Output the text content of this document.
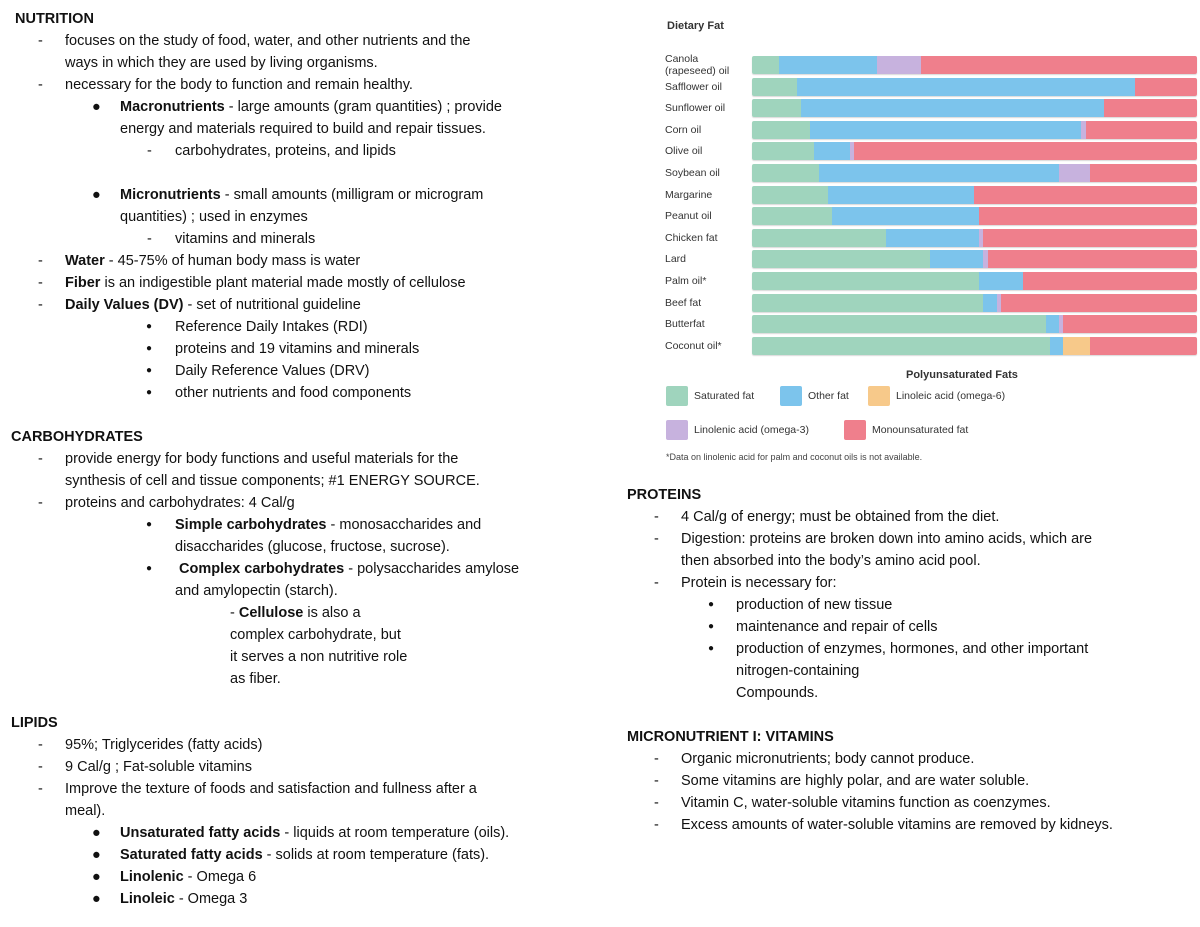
NUTRITION
- focuses on the study of food, water, and other nutrients and the
ways in which they are used by living organisms.
- necessary for the body to function and remain healthy.
● Macronutrients - large amounts (gram quantities) ; provide
energy and materials required to build and repair tissues.
- carbohydrates, proteins, and lipids
● Micronutrients - small amounts (milligram or microgram
quantities) ; used in enzymes
- vitamins and minerals
- Water - 45-75% of human body mass is water
- Fiber is an indigestible plant material made mostly of cellulose
- Daily Values (DV) - set of nutritional guideline
● Reference Daily Intakes (RDI)
● proteins and 19 vitamins and minerals
● Daily Reference Values (DRV)
● other nutrients and food components
CARBOHYDRATES
- provide energy for body functions and useful materials for the
synthesis of cell and tissue components; #1 ENERGY SOURCE.
- proteins and carbohydrates: 4 Cal/g
● Simple carbohydrates - monosaccharides and
disaccharides (glucose, fructose, sucrose).
● Complex carbohydrates - polysaccharides amylose
and amylopectin (starch).
- Cellulose is also a
complex carbohydrate, but
it serves a non nutritive role
as fiber.
LIPIDS
- 95%; Triglycerides (fatty acids)
- 9 Cal/g ; Fat-soluble vitamins
- Improve the texture of foods and satisfaction and fullness after a
meal).
● Unsaturated fatty acids - liquids at room temperature (oils).
● Saturated fatty acids - solids at room temperature (fats).
● Linolenic - Omega 6
● Linoleic - Omega 3
Dietary Fat
Canola (rapeseed) oil
Safflower oil
Sunflower oil
Corn oil
Olive oil
Soybean oil
Margarine
Peanut oil
Chicken fat
Lard
Palm oil*
Beef fat
Butterfat
Coconut oil*
Polyunsaturated Fats
Saturated fat	Other fat	Linoleic acid (omega-6)
Linolenic acid (omega-3)	Monounsaturated fat
*Data on linolenic acid for palm and coconut oils is not available.
PROTEINS
- 4 Cal/g of energy; must be obtained from the diet.
- Digestion: proteins are broken down into amino acids, which are
then absorbed into the body’s amino acid pool.
- Protein is necessary for:
● production of new tissue
● maintenance and repair of cells
● production of enzymes, hormones, and other important
nitrogen-containing
Compounds.
MICRONUTRIENT I: VITAMINS
- Organic micronutrients; body cannot produce.
- Some vitamins are highly polar, and are water soluble.
- Vitamin C, water-soluble vitamins function as coenzymes.
- Excess amounts of water-soluble vitamins are removed by kidneys.
